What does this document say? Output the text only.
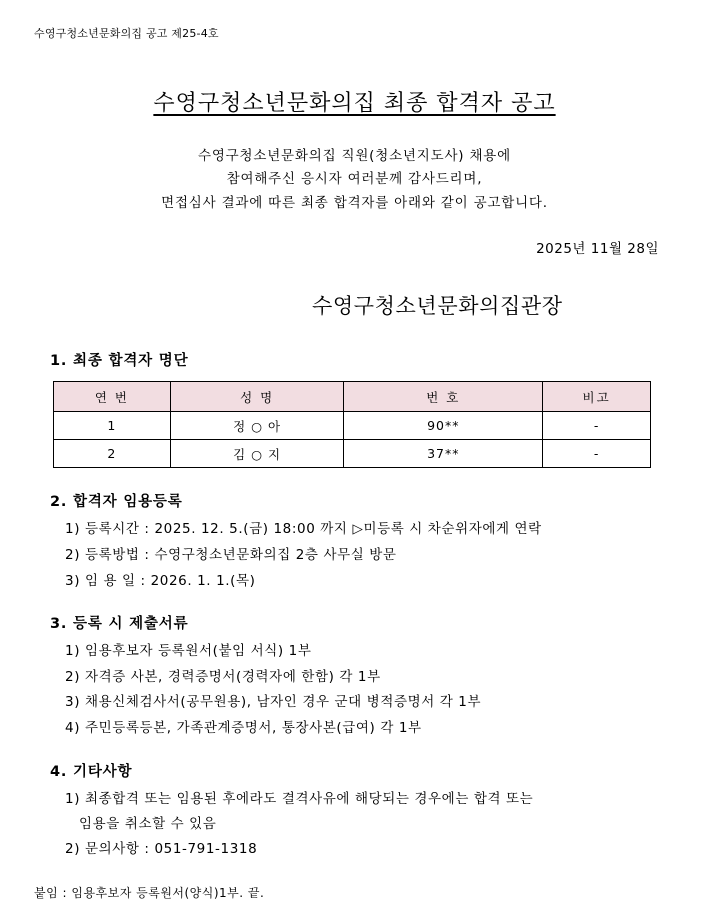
수영구청소년문화의집 공고 제25-4호
수영구청소년문화의집 최종 합격자 공고
수영구청소년문화의집 직원(청소년지도사) 채용에
참여해주신 응시자 여러분께 감사드리며,
면접심사 결과에 따른 최종 합격자를 아래와 같이 공고합니다.
2025년 11월 28일
수영구청소년문화의집관장
1. 최종 합격자 명단
연 번	성 명	번 호	비고
1	정 ○ 아	90**	-
2	김 ○ 지	37**	-
2. 합격자 임용등록
1) 등록시간 : 2025. 12. 5.(금) 18:00 까지 ▷미등록 시 차순위자에게 연락
2) 등록방법 : 수영구청소년문화의집 2층 사무실 방문
3) 임 용 일 : 2026. 1. 1.(목)
3. 등록 시 제출서류
1) 임용후보자 등록원서(붙임 서식) 1부
2) 자격증 사본, 경력증명서(경력자에 한함) 각 1부
3) 채용신체검사서(공무원용), 남자인 경우 군대 병적증명서 각 1부
4) 주민등록등본, 가족관계증명서, 통장사본(급여) 각 1부
4. 기타사항
1) 최종합격 또는 임용된 후에라도 결격사유에 해당되는 경우에는 합격 또는
임용을 취소할 수 있음
2) 문의사항 : 051-791-1318
붙임 : 임용후보자 등록원서(양식)1부. 끝.
